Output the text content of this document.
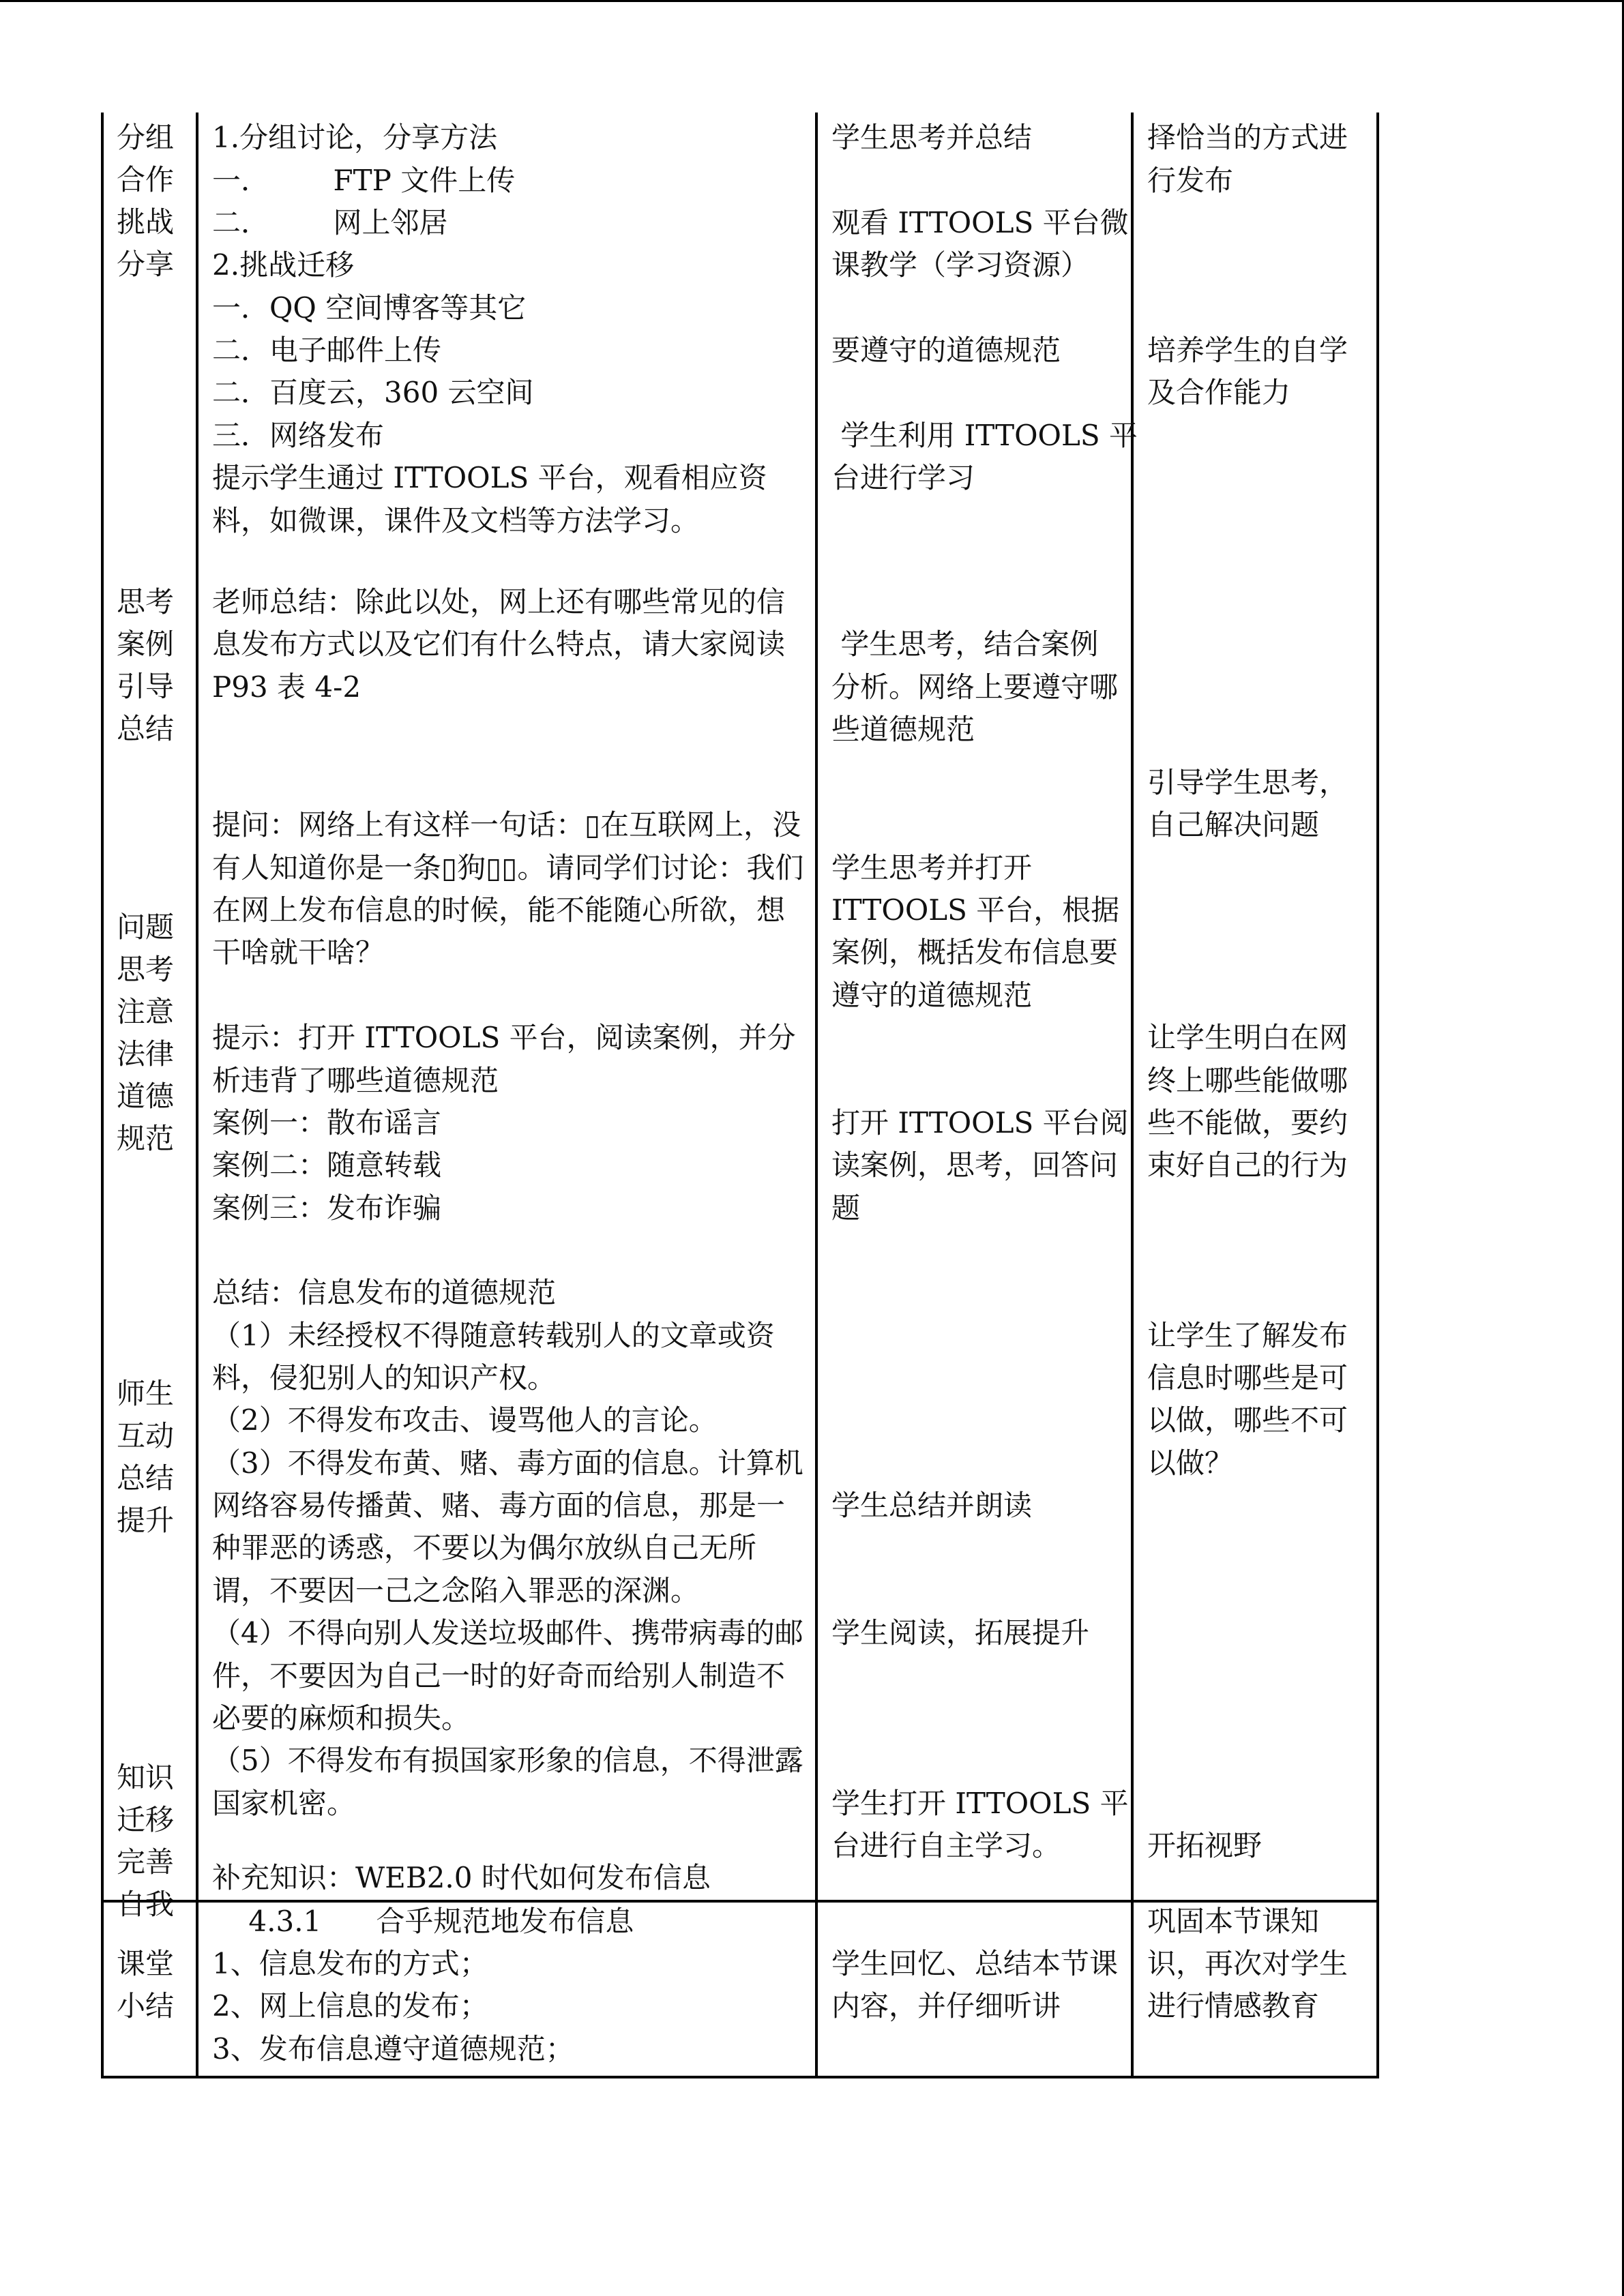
分组
合作
挑战
分享
思考
案例
引导
总结
问题
思考
注意
法律
道德
规范
师生
互动
总结
提升
知识
迁移
完善
自我
课堂
小结
1.分组讨论，分享方法
一．       FTP 文件上传
二．       网上邻居
2.挑战迁移
一．QQ 空间博客等其它
二．电子邮件上传
二．百度云，360 云空间
三．网络发布
提示学生通过 ITTOOLS 平台，观看相应资
料，如微课，课件及文档等方法学习。
老师总结：除此以处，网上还有哪些常见的信
息发布方式以及它们有什么特点，请大家阅读
P93 表 4-2
提问：网络上有这样一句话：▯在互联网上，没
有人知道你是一条▯狗▯▯。请同学们讨论：我们
在网上发布信息的时候，能不能随心所欲，想
干啥就干啥？
提示：打开 ITTOOLS 平台，阅读案例，并分
析违背了哪些道德规范
案例一：散布谣言
案例二：随意转载
案例三：发布诈骗
总结：信息发布的道德规范
（1）未经授权不得随意转载别人的文章或资
料，侵犯别人的知识产权。
（2）不得发布攻击、谩骂他人的言论。
（3）不得发布黄、赌、毒方面的信息。计算机
网络容易传播黄、赌、毒方面的信息，那是一
种罪恶的诱惑，不要以为偶尔放纵自己无所
谓，不要因一己之念陷入罪恶的深渊。
（4）不得向别人发送垃圾邮件、携带病毒的邮
件，不要因为自己一时的好奇而给别人制造不
必要的麻烦和损失。
（5）不得发布有损国家形象的信息，不得泄露
国家机密。
补充知识：WEB2.0 时代如何发布信息
4.3.1      合乎规范地发布信息
1、信息发布的方式；
2、网上信息的发布；
3、发布信息遵守道德规范；
学生思考并总结
观看 ITTOOLS 平台微
课教学（学习资源）
要遵守的道德规范
学生利用 ITTOOLS 平
台进行学习
学生思考，结合案例
分析。网络上要遵守哪
些道德规范
学生思考并打开
ITTOOLS 平台，根据
案例，概括发布信息要
遵守的道德规范
打开 ITTOOLS 平台阅
读案例，思考，回答问
题
学生总结并朗读
学生阅读，拓展提升
学生打开 ITTOOLS 平
台进行自主学习。
学生回忆、总结本节课
内容，并仔细听讲
择恰当的方式进
行发布
培养学生的自学
及合作能力
引导学生思考，
自己解决问题
让学生明白在网
终上哪些能做哪
些不能做，要约
束好自己的行为
让学生了解发布
信息时哪些是可
以做，哪些不可
以做？
开拓视野
巩固本节课知
识，再次对学生
进行情感教育
